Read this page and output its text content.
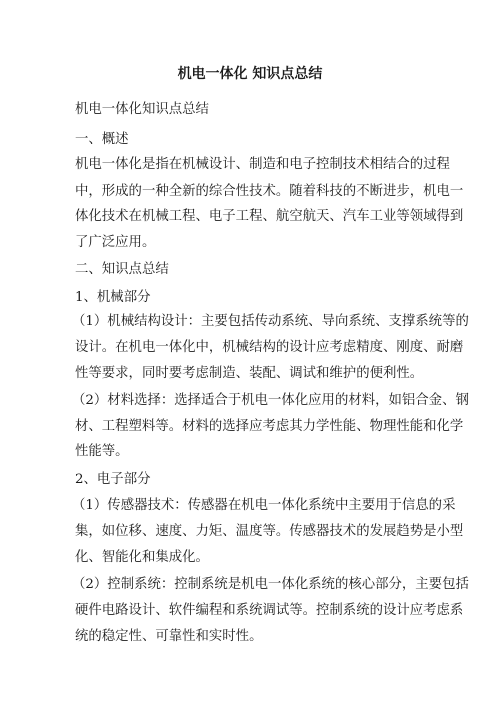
机电一体化 知识点总结
机电一体化知识点总结
一、概述
机电一体化是指在机械设计、制造和电子控制技术相结合的过程
中，形成的一种全新的综合性技术。随着科技的不断进步，机电一
体化技术在机械工程、电子工程、航空航天、汽车工业等领域得到
了广泛应用。
二、知识点总结
1、机械部分
（1）机械结构设计：主要包括传动系统、导向系统、支撑系统等的
设计。在机电一体化中，机械结构的设计应考虑精度、刚度、耐磨
性等要求，同时要考虑制造、装配、调试和维护的便利性。
（2）材料选择：选择适合于机电一体化应用的材料，如铝合金、钢
材、工程塑料等。材料的选择应考虑其力学性能、物理性能和化学
性能等。
2、电子部分
（1）传感器技术：传感器在机电一体化系统中主要用于信息的采
集，如位移、速度、力矩、温度等。传感器技术的发展趋势是小型
化、智能化和集成化。
（2）控制系统：控制系统是机电一体化系统的核心部分，主要包括
硬件电路设计、软件编程和系统调试等。控制系统的设计应考虑系
统的稳定性、可靠性和实时性。
